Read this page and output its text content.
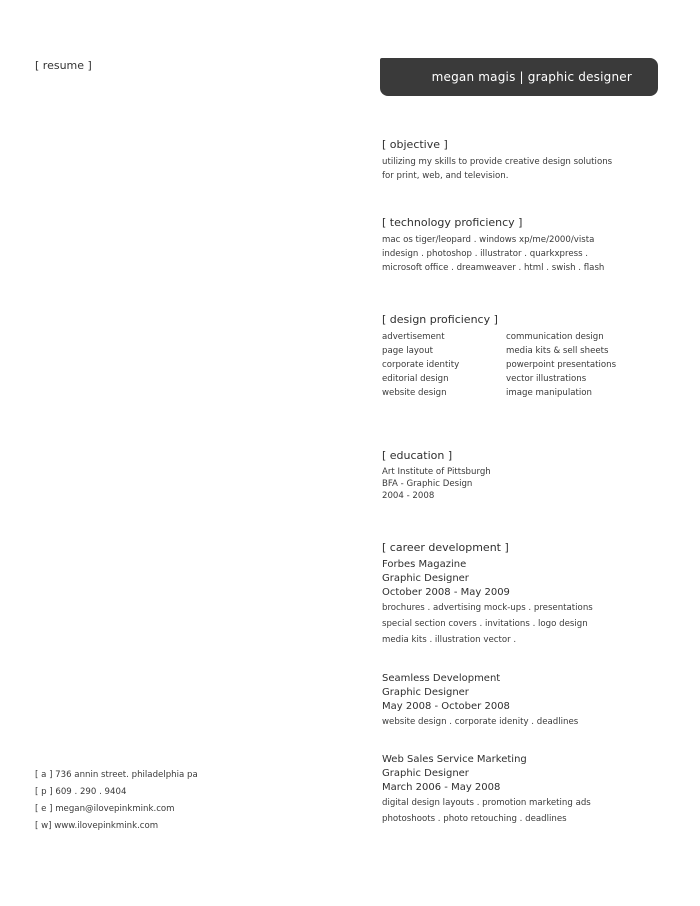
[ resume ]
megan magis | graphic designer
[ objective ]
utilizing my skills to provide creative design solutions
for print, web, and television.
[ technology proficiency ]
mac os tiger/leopard . windows xp/me/2000/vista
indesign . photoshop . illustrator . quarkxpress .
microsoft office . dreamweaver . html . swish . flash
[ design proficiency ]
advertisement
page layout
corporate identity
editorial design
website design
communication design
media kits & sell sheets
powerpoint presentations
vector illustrations
image manipulation
[ education ]
Art Institute of Pittsburgh
BFA - Graphic Design
2004 - 2008
[ career development ]
Forbes Magazine
Graphic Designer
October 2008 - May 2009
brochures . advertising mock-ups . presentations
special section covers . invitations . logo design
media kits . illustration vector .
Seamless Development
Graphic Designer
May 2008 - October 2008
website design . corporate idenity . deadlines
Web Sales Service Marketing
Graphic Designer
March 2006 - May 2008
digital design layouts . promotion marketing ads
photoshoots . photo retouching . deadlines
[ a ] 736 annin street. philadelphia pa
[ p ] 609 . 290 . 9404
[ e ] megan@ilovepinkmink.com
[ w] www.ilovepinkmink.com
